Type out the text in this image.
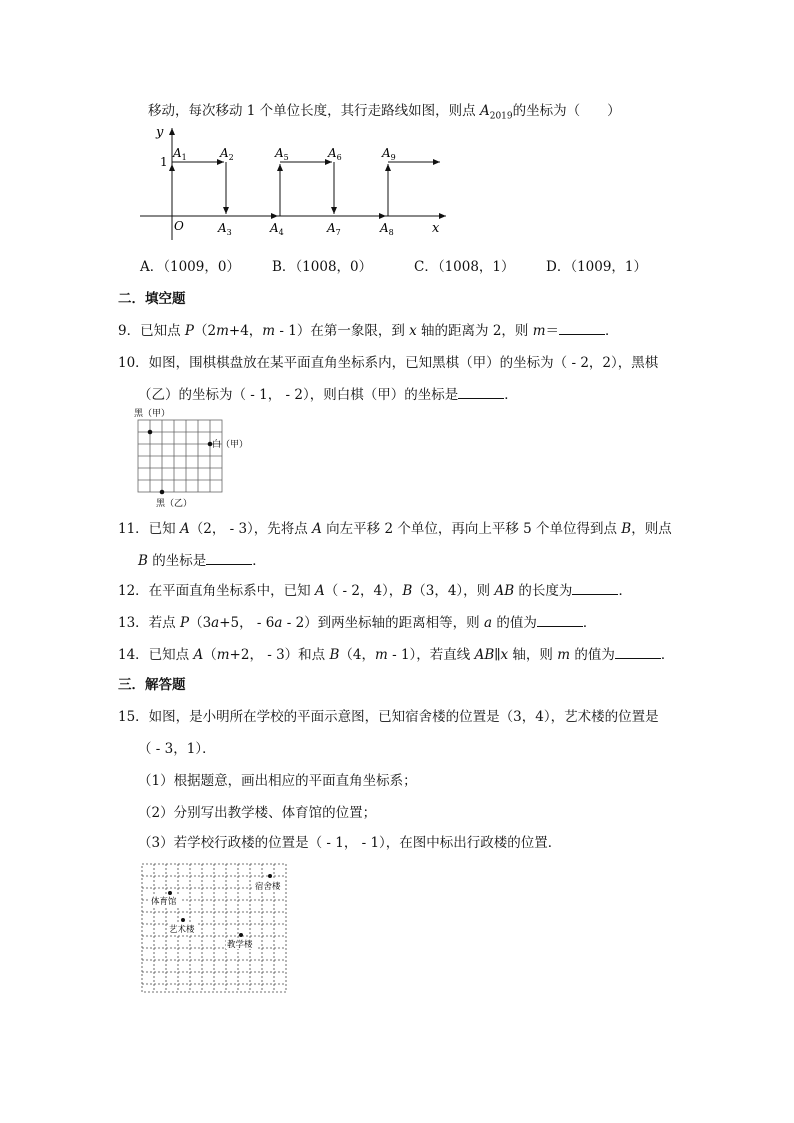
移动，每次移动 1 个单位长度，其行走路线如图，则点 $A_{2019}$的坐标为（　　）
y
x
O
1
$A_1$	$A_2$
$A_3$	$A_4$
$A_5$	$A_6$
$A_7$	$A_8$
$A_9$
A．（1009，0） B．（1008，0）	C．（1008，1） D．（1009，1）
二．填空题
9．已知点 P（2m+4，m - 1）在第一象限，到 x 轴的距离为 2，则 m＝	．
10．如图，围棋棋盘放在某平面直角坐标系内，已知黑棋（甲）的坐标为（ - 2，2），黑棋
（乙）的坐标为（ - 1， - 2），则白棋（甲）的坐标是	．
黑（甲）
白（甲）
黑（乙）
11．已知 A（2， - 3），先将点 A 向左平移 2 个单位，再向上平移 5 个单位得到点 B，则点
B 的坐标是	．
12．在平面直角坐标系中，已知 A（ - 2，4），B（3，4），则 AB 的长度为	．
13．若点 P（3a+5， - 6a - 2）到两坐标轴的距离相等，则 a 的值为	．
14．已知点 A（m+2， - 3）和点 B（4，m - 1），若直线 AB∥x 轴，则 m 的值为	．
三．解答题
15．如图，是小明所在学校的平面示意图，已知宿舍楼的位置是（3，4），艺术楼的位置是
（ - 3，1）．
（1）根据题意，画出相应的平面直角坐标系；
（2）分别写出教学楼、体育馆的位置；
（3）若学校行政楼的位置是（ - 1， - 1），在图中标出行政楼的位置．
宿舍楼
体育馆
艺术楼
教学楼
